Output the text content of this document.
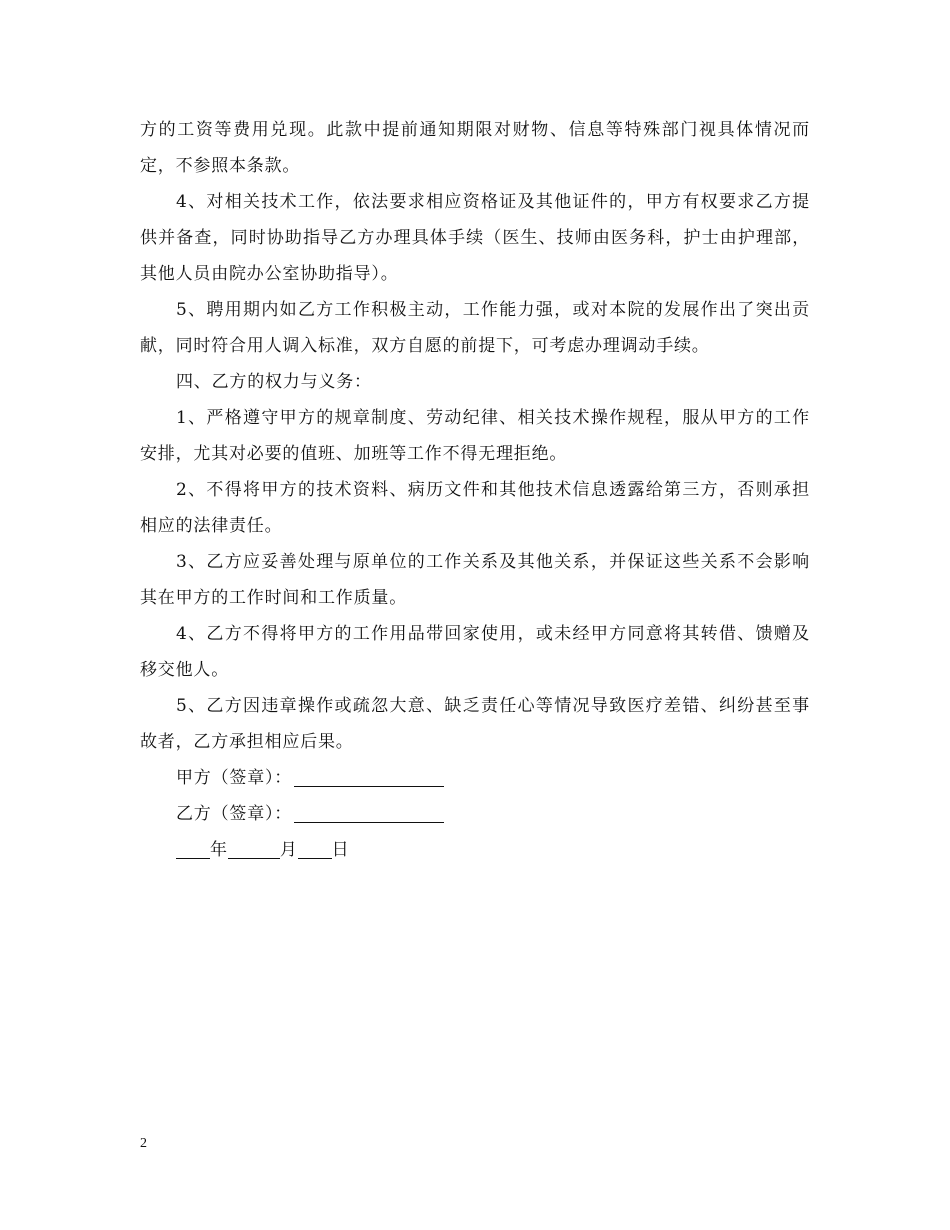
方的工资等费用兑现。此款中提前通知期限对财物、信息等特殊部门视具体情况而定，不参照本条款。

4、对相关技术工作，依法要求相应资格证及其他证件的，甲方有权要求乙方提供并备查，同时协助指导乙方办理具体手续（医生、技师由医务科，护士由护理部，其他人员由院办公室协助指导）。

5、聘用期内如乙方工作积极主动，工作能力强，或对本院的发展作出了突出贡献，同时符合用人调入标准，双方自愿的前提下，可考虑办理调动手续。

四、乙方的权力与义务：

1、严格遵守甲方的规章制度、劳动纪律、相关技术操作规程，服从甲方的工作安排，尤其对必要的值班、加班等工作不得无理拒绝。

2、不得将甲方的技术资料、病历文件和其他技术信息透露给第三方，否则承担相应的法律责任。

3、乙方应妥善处理与原单位的工作关系及其他关系，并保证这些关系不会影响其在甲方的工作时间和工作质量。

4、乙方不得将甲方的工作用品带回家使用，或未经甲方同意将其转借、馈赠及移交他人。

5、乙方因违章操作或疏忽大意、缺乏责任心等情况导致医疗差错、纠纷甚至事故者，乙方承担相应后果。

甲方（签章）：

乙方（签章）：

年	月 日

2
